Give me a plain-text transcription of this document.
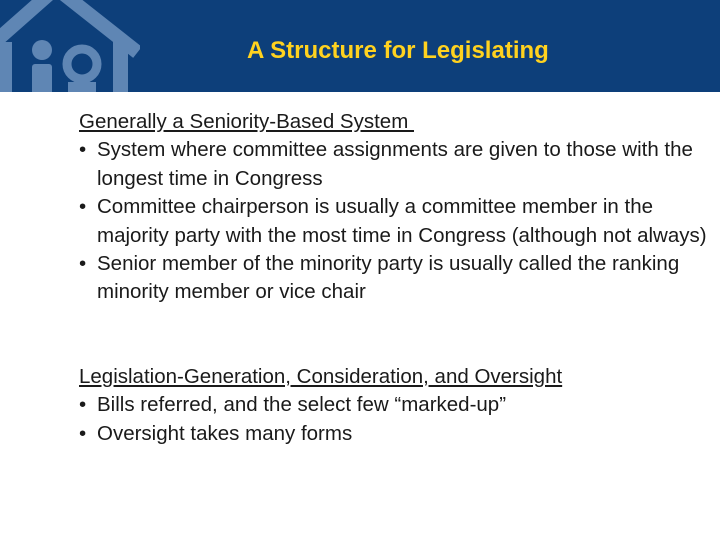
A Structure for Legislating

Generally a Seniority-Based System

• System where committee assignments are given to those with the longest time in Congress
• Committee chairperson is usually a committee member in the majority party with the most time in Congress (although not always)
• Senior member of the minority party is usually called the ranking minority member or vice chair

Legislation-Generation, Consideration, and Oversight

• Bills referred, and the select few “marked-up”
• Oversight takes many forms
